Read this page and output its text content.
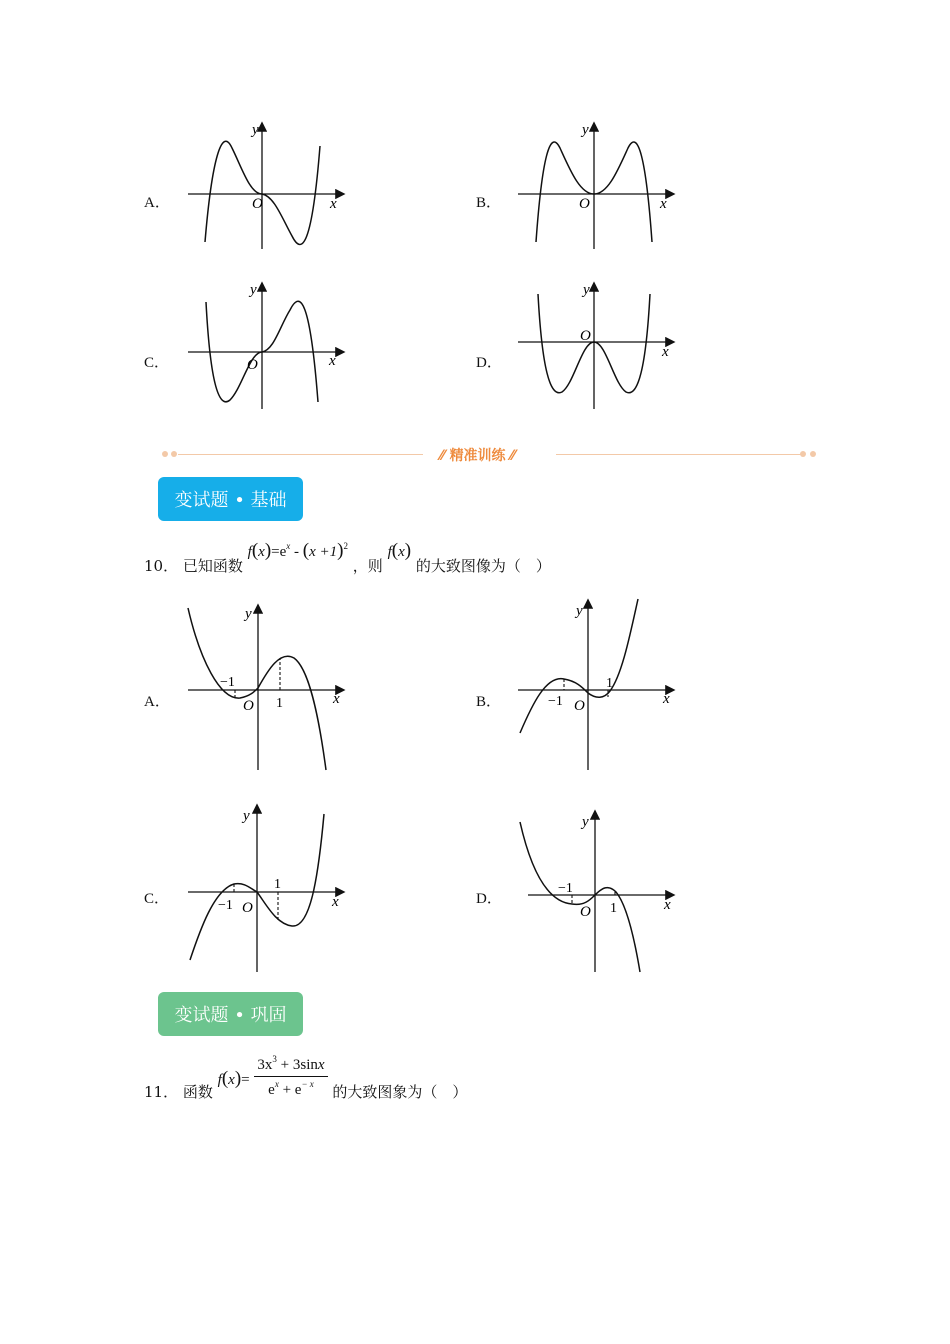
A．	O	x
y
B．	O	x
y
C．	O	x
y
D．
O
x
y
⁄⁄ 精准训练 ⁄⁄
变试题 • 基础
10． 已知函数 $f(x)=e^x - (x +1)^2$ ，则 f(x) 的大致图像为（　）
A．
−1
1
O	x
y
B．	−1
1
O	x
y
C．	−1
1
O	x
y
D．
−1
1
O	x
y
变试题 • 巩固
11． 函数 $f(x)= \frac{3x^3 + 3\sin x}{e^x + e^{- x}}$ 的大致图象为（　）
